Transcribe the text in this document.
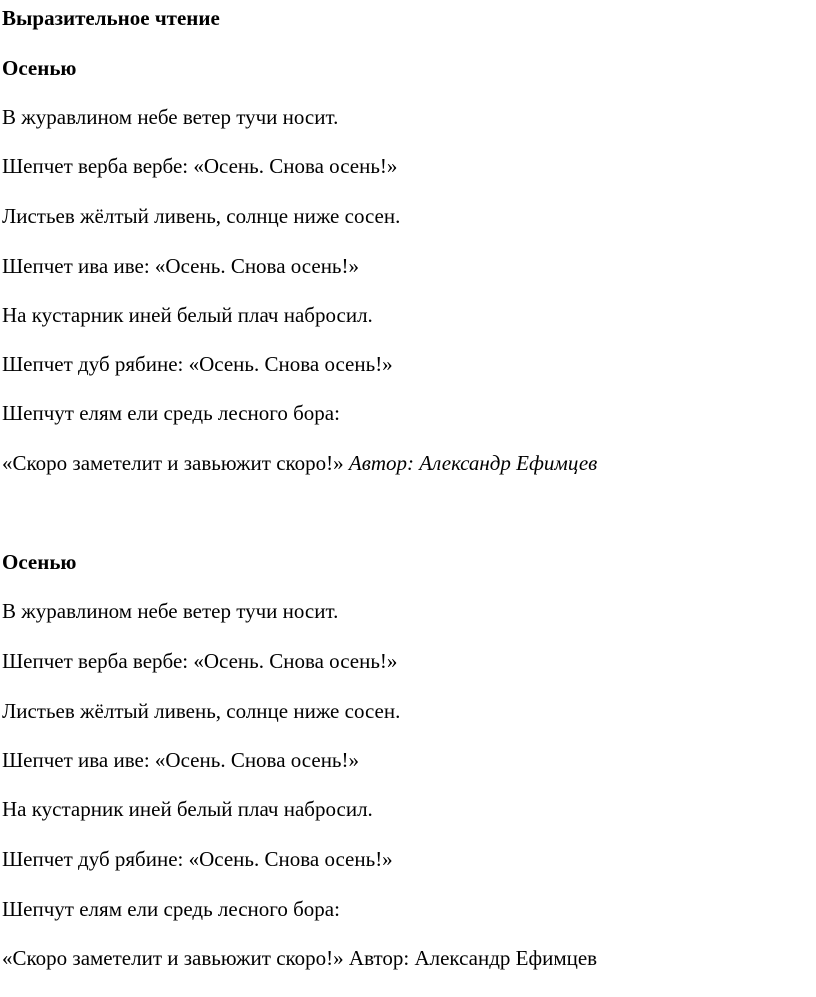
Выразительное чтение
Осенью
В журавлином небе ветер тучи носит.
Шепчет верба вербе: «Осень. Снова осень!»
Листьев жёлтый ливень, солнце ниже сосен.
Шепчет ива иве: «Осень. Снова осень!»
На кустарник иней белый плач набросил.
Шепчет дуб рябине: «Осень. Снова осень!»
Шепчут елям ели средь лесного бора:
«Скоро заметелит и завьюжит скоро!» Автор: Александр Ефимцев
Осенью
В журавлином небе ветер тучи носит.
Шепчет верба вербе: «Осень. Снова осень!»
Листьев жёлтый ливень, солнце ниже сосен.
Шепчет ива иве: «Осень. Снова осень!»
На кустарник иней белый плач набросил.
Шепчет дуб рябине: «Осень. Снова осень!»
Шепчут елям ели средь лесного бора:
«Скоро заметелит и завьюжит скоро!» Автор: Александр Ефимцев
